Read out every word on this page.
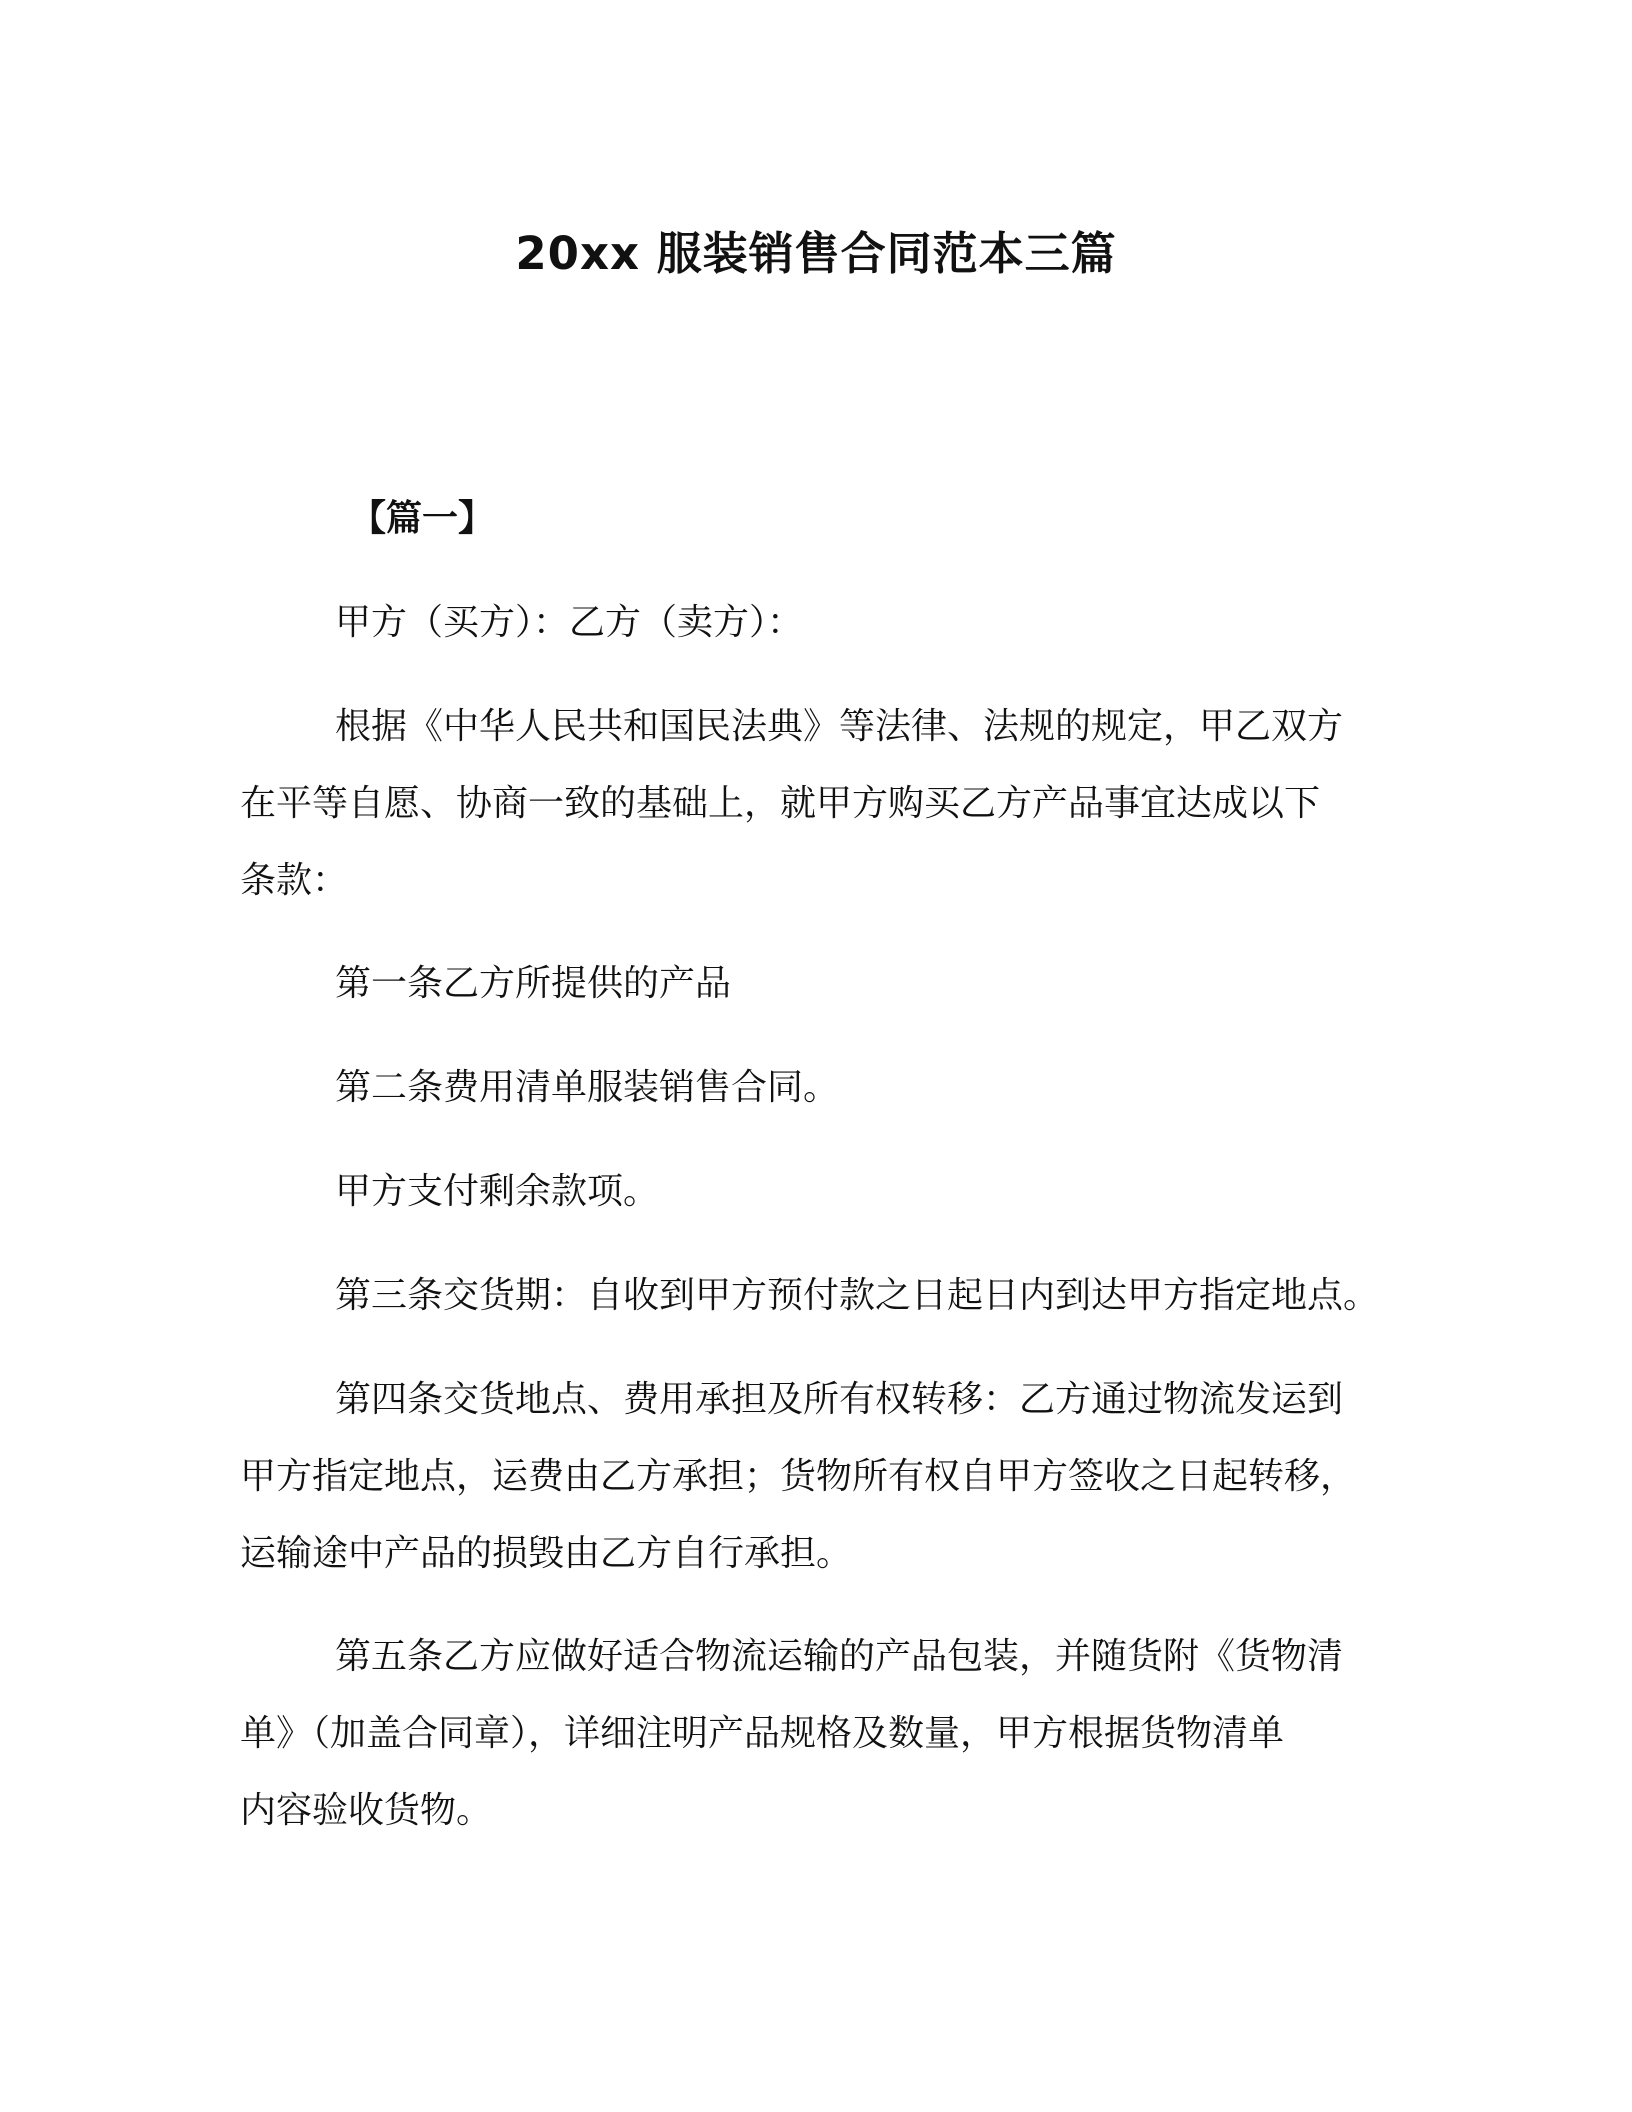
20xx 服装销售合同范本三篇

【篇一】

甲方（买方）：乙方（卖方）：

根据《中华人民共和国民法典》等法律、法规的规定，甲乙双方
在平等自愿、协商一致的基础上，就甲方购买乙方产品事宜达成以下
条款：

第一条乙方所提供的产品

第二条费用清单服装销售合同。

甲方支付剩余款项。

第三条交货期：自收到甲方预付款之日起日内到达甲方指定地点。

第四条交货地点、费用承担及所有权转移：乙方通过物流发运到
甲方指定地点，运费由乙方承担；货物所有权自甲方签收之日起转移，
运输途中产品的损毁由乙方自行承担。
第五条乙方应做好适合物流运输的产品包装，并随货附《货物清
单》（加盖合同章），详细注明产品规格及数量，甲方根据货物清单
内容验收货物。
